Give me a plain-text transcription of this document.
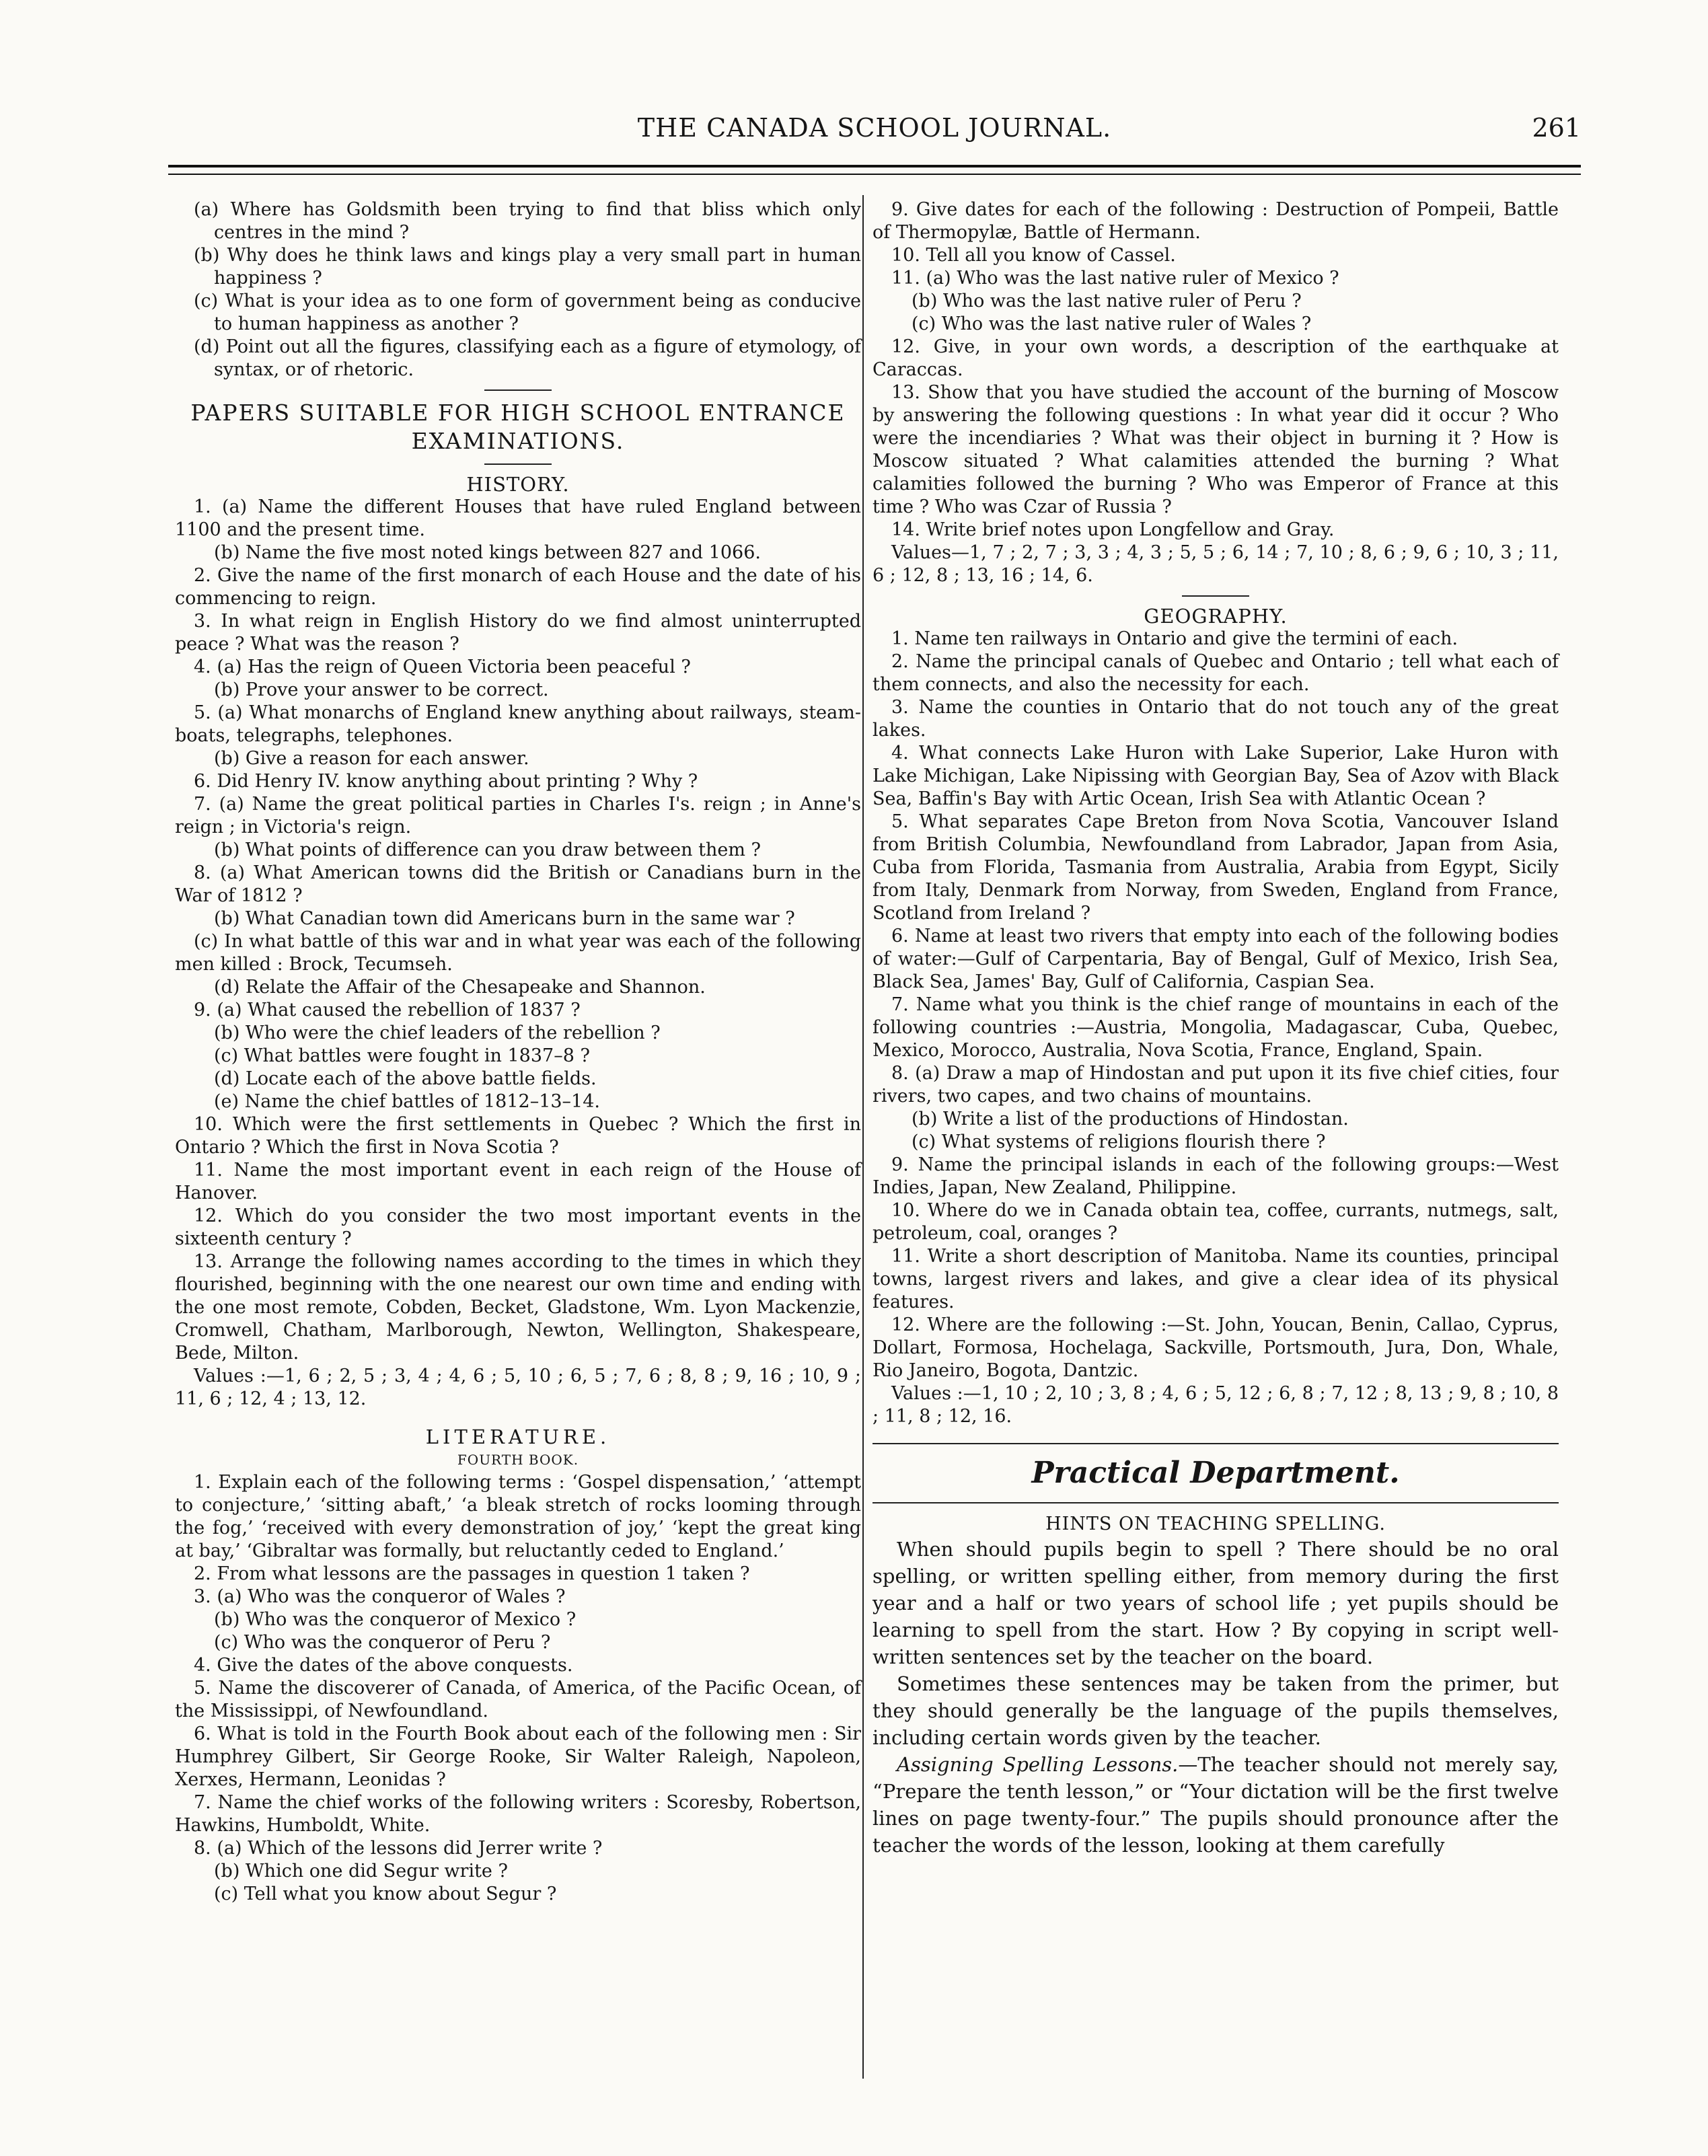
THE CANADA SCHOOL JOURNAL.	261

(a) Where has Goldsmith been trying to find that bliss which only centres in the mind ?

(b) Why does he think laws and kings play a very small part in human happiness ?

(c) What is your idea as to one form of government being as conducive to human happiness as another ?

(d) Point out all the figures, classifying each as a figure of etymology, of syntax, or of rhetoric.

PAPERS SUITABLE FOR HIGH SCHOOL ENTRANCE EXAMINATIONS.

HISTORY.

1. (a) Name the different Houses that have ruled England between 1100 and the present time.

(b) Name the five most noted kings between 827 and 1066.

2. Give the name of the first monarch of each House and the date of his commencing to reign.

3. In what reign in English History do we find almost uninterrupted peace ? What was the reason ?

4. (a) Has the reign of Queen Victoria been peaceful ?

(b) Prove your answer to be correct.

5. (a) What monarchs of England knew anything about railways, steam-boats, telegraphs, telephones.

(b) Give a reason for each answer.

6. Did Henry IV. know anything about printing ? Why ?

7. (a) Name the great political parties in Charles I's. reign ; in Anne's reign ; in Victoria's reign.

(b) What points of difference can you draw between them ?

8. (a) What American towns did the British or Canadians burn in the War of 1812 ?

(b) What Canadian town did Americans burn in the same war ?

(c) In what battle of this war and in what year was each of the following men killed : Brock, Tecumseh.

(d) Relate the Affair of the Chesapeake and Shannon.

9. (a) What caused the rebellion of 1837 ?

(b) Who were the chief leaders of the rebellion ?

(c) What battles were fought in 1837–8 ?

(d) Locate each of the above battle fields.

(e) Name the chief battles of 1812–13–14.

10. Which were the first settlements in Quebec ? Which the first in Ontario ? Which the first in Nova Scotia ?

11. Name the most important event in each reign of the House of Hanover.

12. Which do you consider the two most important events in the sixteenth century ?

13. Arrange the following names according to the times in which they flourished, beginning with the one nearest our own time and ending with the one most remote, Cobden, Becket, Gladstone, Wm. Lyon Mackenzie, Cromwell, Chatham, Marlborough, Newton, Wellington, Shakespeare, Bede, Milton.

Values :—1, 6 ; 2, 5 ; 3, 4 ; 4, 6 ; 5, 10 ; 6, 5 ; 7, 6 ; 8, 8 ; 9, 16 ; 10, 9 ; 11, 6 ; 12, 4 ; 13, 12.

LITERATURE.

FOURTH BOOK.

1. Explain each of the following terms : ‘Gospel dispensation,’ ‘attempt to conjecture,’ ‘sitting abaft,’ ‘a bleak stretch of rocks looming through the fog,’ ‘received with every demonstration of joy,’ ‘kept the great king at bay,’ ‘Gibraltar was formally, but reluctantly ceded to England.’

2. From what lessons are the passages in question 1 taken ?

3. (a) Who was the conqueror of Wales ?

(b) Who was the conqueror of Mexico ?

(c) Who was the conqueror of Peru ?

4. Give the dates of the above conquests.

5. Name the discoverer of Canada, of America, of the Pacific Ocean, of the Mississippi, of Newfoundland.

6. What is told in the Fourth Book about each of the following men : Sir Humphrey Gilbert, Sir George Rooke, Sir Walter Raleigh, Napoleon, Xerxes, Hermann, Leonidas ?

7. Name the chief works of the following writers : Scoresby, Robertson, Hawkins, Humboldt, White.

8. (a) Which of the lessons did Jerrer write ?

(b) Which one did Segur write ?

(c) Tell what you know about Segur ?

9. Give dates for each of the following : Destruction of Pompeii, Battle of Thermopylæ, Battle of Hermann.

10. Tell all you know of Cassel.

11. (a) Who was the last native ruler of Mexico ?

(b) Who was the last native ruler of Peru ?

(c) Who was the last native ruler of Wales ?

12. Give, in your own words, a description of the earthquake at Caraccas.

13. Show that you have studied the account of the burning of Moscow by answering the following questions : In what year did it occur ? Who were the incendiaries ? What was their object in burning it ? How is Moscow situated ? What calamities attended the burning ? What calamities followed the burning ? Who was Emperor of France at this time ? Who was Czar of Russia ?

14. Write brief notes upon Longfellow and Gray.

Values—1, 7 ; 2, 7 ; 3, 3 ; 4, 3 ; 5, 5 ; 6, 14 ; 7, 10 ; 8, 6 ; 9, 6 ; 10, 3 ; 11, 6 ; 12, 8 ; 13, 16 ; 14, 6.

GEOGRAPHY.

1. Name ten railways in Ontario and give the termini of each.

2. Name the principal canals of Quebec and Ontario ; tell what each of them connects, and also the necessity for each.

3. Name the counties in Ontario that do not touch any of the great lakes.

4. What connects Lake Huron with Lake Superior, Lake Huron with Lake Michigan, Lake Nipissing with Georgian Bay, Sea of Azov with Black Sea, Baffin's Bay with Artic Ocean, Irish Sea with Atlantic Ocean ?

5. What separates Cape Breton from Nova Scotia, Vancouver Island from British Columbia, Newfoundland from Labrador, Japan from Asia, Cuba from Florida, Tasmania from Australia, Arabia from Egypt, Sicily from Italy, Denmark from Norway, from Sweden, England from France, Scotland from Ireland ?

6. Name at least two rivers that empty into each of the following bodies of water:—Gulf of Carpentaria, Bay of Bengal, Gulf of Mexico, Irish Sea, Black Sea, James' Bay, Gulf of California, Caspian Sea.

7. Name what you think is the chief range of mountains in each of the following countries :—Austria, Mongolia, Madagascar, Cuba, Quebec, Mexico, Morocco, Australia, Nova Scotia, France, England, Spain.

8. (a) Draw a map of Hindostan and put upon it its five chief cities, four rivers, two capes, and two chains of mountains.

(b) Write a list of the productions of Hindostan.

(c) What systems of religions flourish there ?

9. Name the principal islands in each of the following groups:—West Indies, Japan, New Zealand, Philippine.

10. Where do we in Canada obtain tea, coffee, currants, nutmegs, salt, petroleum, coal, oranges ?

11. Write a short description of Manitoba. Name its counties, principal towns, largest rivers and lakes, and give a clear idea of its physical features.

12. Where are the following :—St. John, Youcan, Benin, Callao, Cyprus, Dollart, Formosa, Hochelaga, Sackville, Portsmouth, Jura, Don, Whale, Rio Janeiro, Bogota, Dantzic.

Values :—1, 10 ; 2, 10 ; 3, 8 ; 4, 6 ; 5, 12 ; 6, 8 ; 7, 12 ; 8, 13 ; 9, 8 ; 10, 8 ; 11, 8 ; 12, 16.

Practical Department.

HINTS ON TEACHING SPELLING.

When should pupils begin to spell ? There should be no oral spelling, or written spelling either, from memory during the first year and a half or two years of school life ; yet pupils should be learning to spell from the start. How ? By copying in script well-written sentences set by the teacher on the board.

Sometimes these sentences may be taken from the primer, but they should generally be the language of the pupils themselves, including certain words given by the teacher.

Assigning Spelling Lessons.—The teacher should not merely say, “Prepare the tenth lesson,” or “Your dictation will be the first twelve lines on page twenty-four.” The pupils should pronounce after the teacher the words of the lesson, looking at them carefully
